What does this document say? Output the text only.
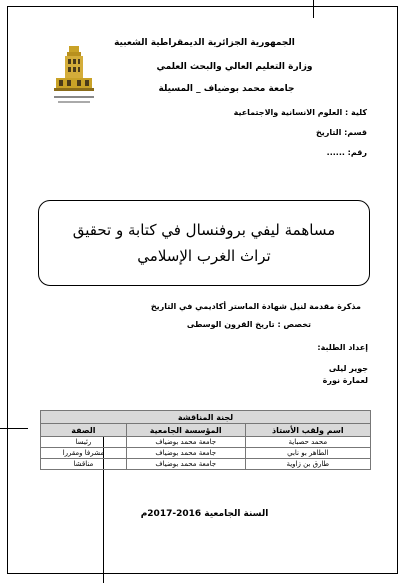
الجمهورية الجزائرية الديمقراطية الشعبية
وزارة التعليم العالي والبحث العلمي
جامعة محمد بوضياف _ المسيلة
كلية : العلوم الانسانية والاجتماعية
قسم: التاريخ
رقم: ......
مساهمة ليفي بروفنسال في كتابة و تحقيق تراث الغرب الإسلامي
مذكرة مقدمة لنيل شهادة الماستر أكاديمي في التاريخ
تخصص : تاريخ القرون الوسطى
إعداد الطلبة:
جوير ليلى
لعمارة نورة
لجنة المناقشة		
اسم ولقب الأستاذ	المؤسسة الجامعية	الصفة
محمد حصباية	جامعة محمد بوضياف	رئيسا
الطاهر بو نابي	جامعة محمد بوضياف	مشرفا ومقررا
طارق بن زاوية	جامعة محمد بوضياف	مناقشا
السنة الجامعية 2016-2017م
